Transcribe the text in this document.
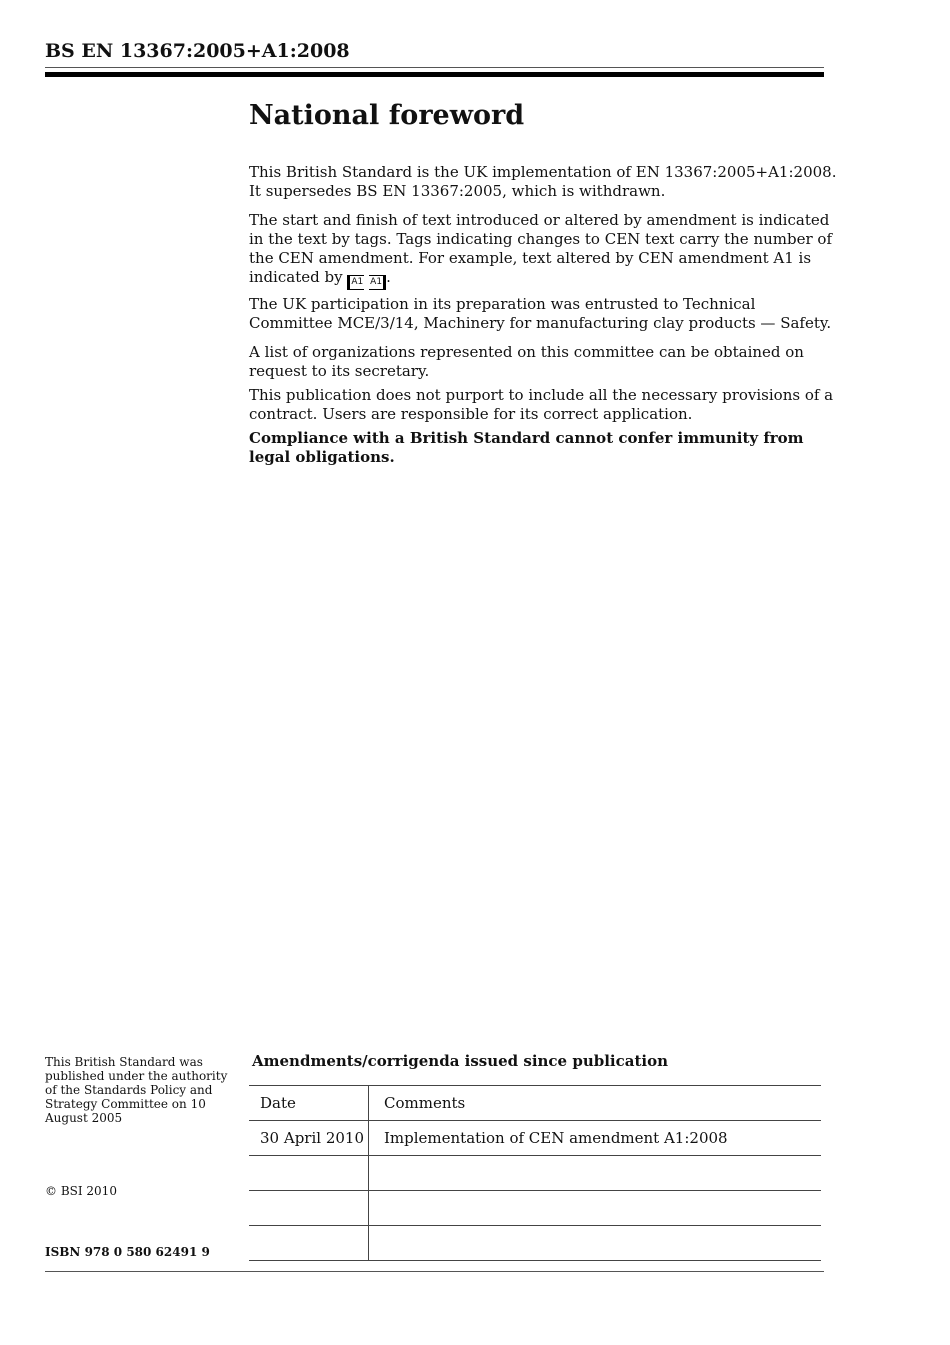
BS EN 13367:2005+A1:2008
National foreword

This British Standard is the UK implementation of EN 13367:2005+A1:2008. It supersedes BS EN 13367:2005, which is withdrawn.

The start and finish of text introduced or altered by amendment is indicated in the text by tags. Tags indicating changes to CEN text carry the number of the CEN amendment. For example, text altered by CEN amendment A1 is indicated by A1 A1 .

The UK participation in its preparation was entrusted to Technical Committee MCE/3/14, Machinery for manufacturing clay products — Safety.

A list of organizations represented on this committee can be obtained on request to its secretary.

This publication does not purport to include all the necessary provisions of a contract. Users are responsible for its correct application.

Compliance with a British Standard cannot confer immunity from legal obligations.

This British Standard was published under the authority of the Standards Policy and Strategy Committee on 10 August 2005
© BSI 2010
ISBN 978 0 580 62491 9
Amendments/corrigenda issued since publication
Date	Comments
30 April 2010	Implementation of CEN amendment A1:2008
